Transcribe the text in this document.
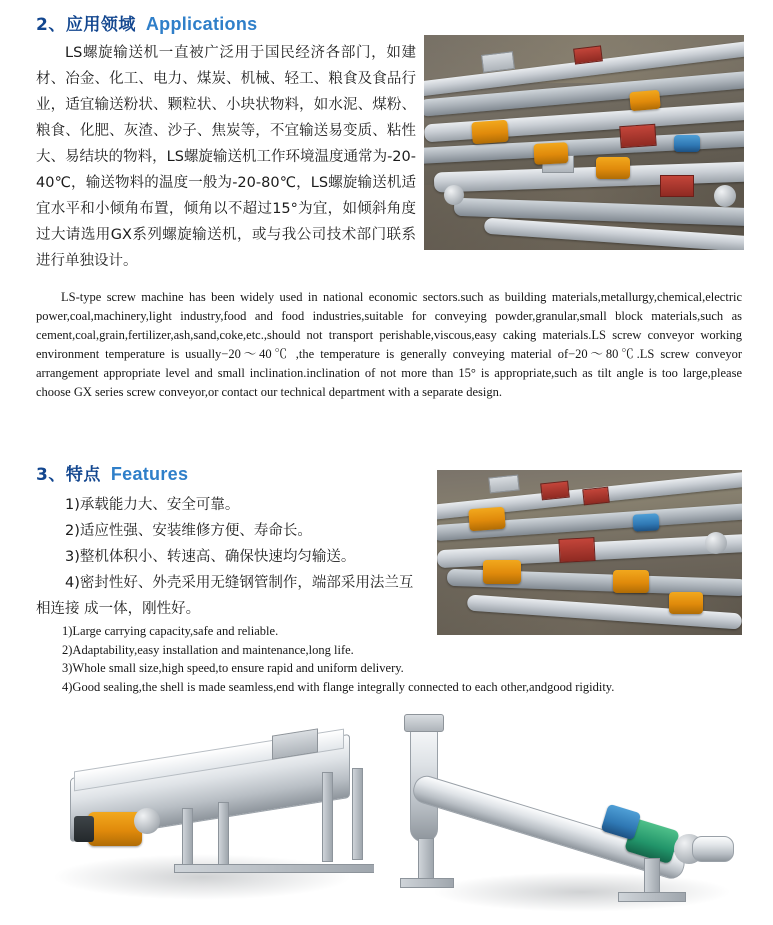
2、应用领域 Applications
LS螺旋输送机一直被广泛用于国民经济各部门，如建材、冶金、化工、电力、煤炭、机械、轻工、粮食及食品行业，适宜输送粉状、颗粒状、小块状物料，如水泥、煤粉、粮食、化肥、灰渣、沙子、焦炭等，不宜输送易变质、粘性大、易结块的物料，LS螺旋输送机工作环境温度通常为-20-40℃，输送物料的温度一般为-20-80℃，LS螺旋输送机适宜水平和小倾角布置，倾角以不超过15°为宜，如倾斜角度过大请选用GX系列螺旋输送机，或与我公司技术部门联系进行单独设计。
LS-type screw machine has been widely used in national economic sectors.such as building materials,metallurgy,chemical,electric power,coal,machinery,light industry,food and food industries,suitable for conveying powder,granular,small block materials,such as cement,coal,grain,fertilizer,ash,sand,coke,etc.,should not transport perishable,viscous,easy caking materials.LS screw conveyor working environment temperature is usually−20～40℃ ,the temperature is generally conveying material of−20～80℃.LS screw conveyor arrangement appropriate level and small inclination.inclination of not more than 15° is appropriate,such as tilt angle is too large,please choose GX series screw conveyor,or contact our technical department with a separate design.
3、特点 Features
1)承载能力大、安全可靠。
2)适应性强、安装维修方便、寿命长。
3)整机体积小、转速高、确保快速均匀输送。
4)密封性好、外壳采用无缝钢管制作，端部采用法兰互相连接 成一体，刚性好。
1)Large carrying capacity,safe and reliable.
2)Adaptability,easy installation and maintenance,long life.
3)Whole small size,high speed,to ensure rapid and uniform delivery.
4)Good sealing,the shell is made seamless,end with flange integrally connected to each other,andgood rigidity.
